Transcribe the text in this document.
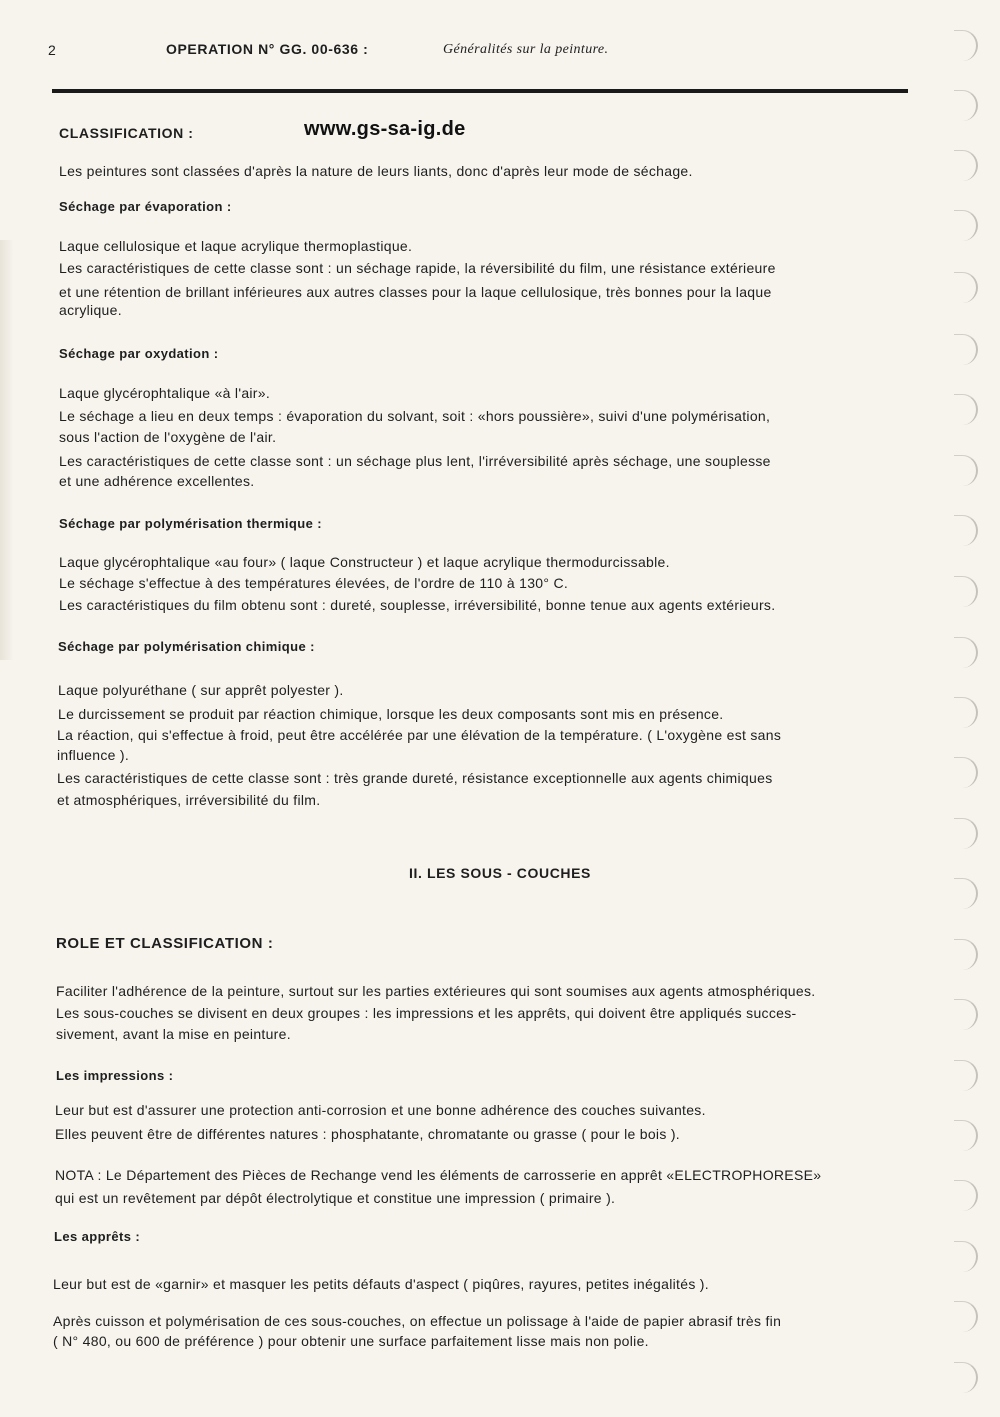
2	OPERATION N° GG. 00-636 :	Généralités sur la peinture.
CLASSIFICATION :	www.gs-sa-ig.de
Les peintures sont classées d'après la nature de leurs liants, donc d'après leur mode de séchage.
Séchage par évaporation :
Laque cellulosique et laque acrylique thermoplastique.
Les caractéristiques de cette classe sont : un séchage rapide, la réversibilité du film, une résistance extérieure
et une rétention de brillant inférieures aux autres classes pour la laque cellulosique, très bonnes pour la laque
acrylique.
Séchage par oxydation :
Laque glycérophtalique «à l'air».
Le séchage a lieu en deux temps : évaporation du solvant, soit : «hors poussière», suivi d'une polymérisation,
sous l'action de l'oxygène de l'air.
Les caractéristiques de cette classe sont : un séchage plus lent, l'irréversibilité après séchage, une souplesse
et une adhérence excellentes.
Séchage par polymérisation thermique :
Laque glycérophtalique «au four» ( laque Constructeur ) et laque acrylique thermodurcissable.
Le séchage s'effectue à des températures élevées, de l'ordre de 110 à 130° C.
Les caractéristiques du film obtenu sont : dureté, souplesse, irréversibilité, bonne tenue aux agents extérieurs.
Séchage par polymérisation chimique :
Laque polyuréthane ( sur apprêt polyester ).
Le durcissement se produit par réaction chimique, lorsque les deux composants sont mis en présence.
La réaction, qui s'effectue à froid, peut être accélérée par une élévation de la température. ( L'oxygène est sans
influence ).
Les caractéristiques de cette classe sont : très grande dureté, résistance exceptionnelle aux agents chimiques
et atmosphériques, irréversibilité du film.
II. LES SOUS - COUCHES
ROLE ET CLASSIFICATION :
Faciliter l'adhérence de la peinture, surtout sur les parties extérieures qui sont soumises aux agents atmosphériques.
Les sous-couches se divisent en deux groupes : les impressions et les apprêts, qui doivent être appliqués succes-
sivement, avant la mise en peinture.
Les impressions :
Leur but est d'assurer une protection anti-corrosion et une bonne adhérence des couches suivantes.
Elles peuvent être de différentes natures : phosphatante, chromatante ou grasse ( pour le bois ).
NOTA : Le Département des Pièces de Rechange vend les éléments de carrosserie en apprêt «ELECTROPHORESE»
qui est un revêtement par dépôt électrolytique et constitue une impression ( primaire ).
Les apprêts :
Leur but est de «garnir» et masquer les petits défauts d'aspect ( piqûres, rayures, petites inégalités ).
Après cuisson et polymérisation de ces sous-couches, on effectue un polissage à l'aide de papier abrasif très fin
( N° 480, ou 600 de préférence ) pour obtenir une surface parfaitement lisse mais non polie.
